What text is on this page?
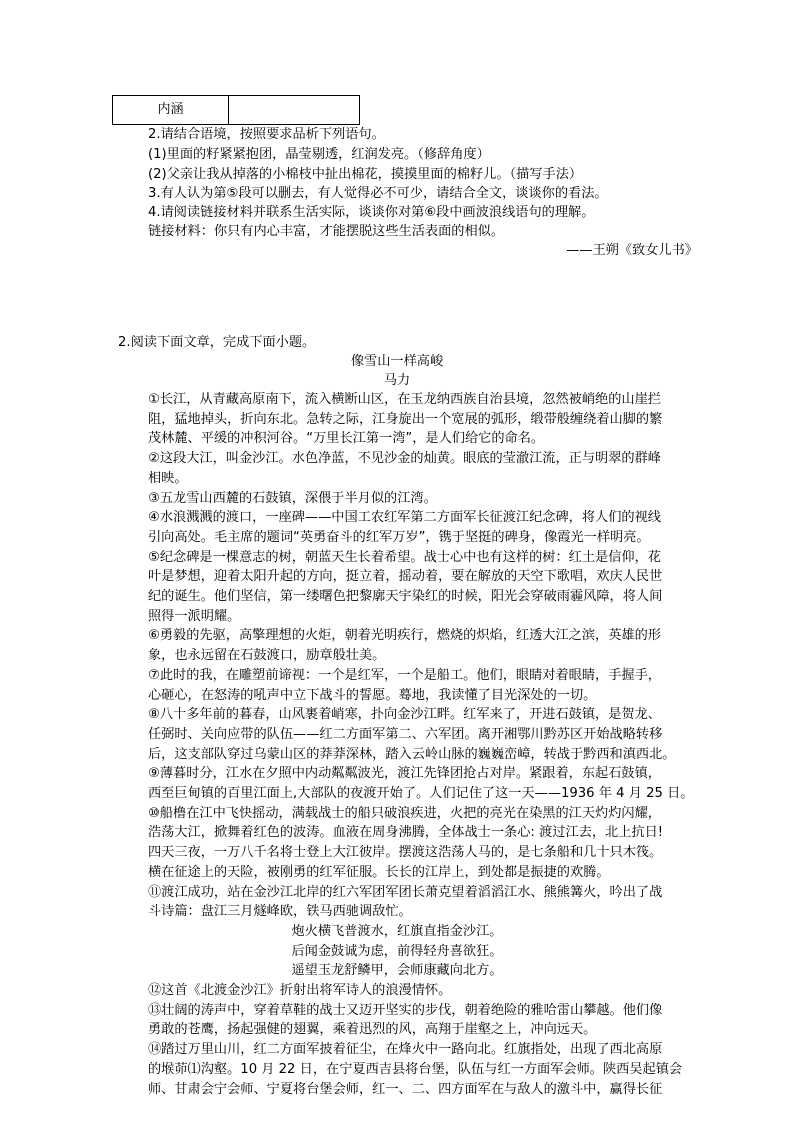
内涵	
2.请结合语境，按照要求品析下列语句。
(1)里面的籽紧紧抱团，晶莹剔透，红润发亮。（修辞角度）
(2)父亲让我从掉落的小棉枝中扯出棉花，摸摸里面的棉籽儿。（描写手法）
3.有人认为第⑤段可以删去，有人觉得必不可少，请结合全文，谈谈你的看法。
4.请阅读链接材料并联系生活实际，谈谈你对第⑥段中画波浪线语句的理解。
链接材料：你只有内心丰富，才能摆脱这些生活表面的相似。
——王朔《致女儿书》
2.阅读下面文章，完成下面小题。
像雪山一样高峻
马力
①长江，从青藏高原南下，流入横断山区，在玉龙纳西族自治县境，忽然被峭绝的山崖拦
阻，猛地掉头，折向东北。急转之际，江身旋出一个宽展的弧形，缎带般缠绕着山脚的繁
茂林麓、平缓的冲积河谷。“万里长江第一湾”，是人们给它的命名。
②这段大江，叫金沙江。水色净蓝，不见沙金的灿黄。眼底的莹澈江流，正与明翠的群峰
相映。
③五龙雪山西麓的石鼓镇，深偎于半月似的江湾。
④水浪溅溅的渡口，一座碑——中国工农红军第二方面军长征渡江纪念碑，将人们的视线
引向高处。毛主席的题词“英勇奋斗的红军万岁”，镌于坚挺的碑身，像霞光一样明亮。
⑤纪念碑是一棵意志的树，朝蓝天生长着希望。战士心中也有这样的树：红土是信仰，花
叶是梦想，迎着太阳升起的方向，挺立着，摇动着，要在解放的天空下歌唱，欢庆人民世
纪的诞生。他们坚信，第一缕曙色把黎廓天宇染红的时候，阳光会穿破雨霾风障，将人间
照得一派明耀。
⑥勇毅的先驱，高擎理想的火炬，朝着光明疾行，燃烧的炽焰，红透大江之滨，英雄的形
象，也永远留在石鼓渡口，励章般壮美。
⑦此时的我，在雕塑前谛视：一个是红军，一个是船工。他们，眼睛对着眼睛，手握手，
心砸心，在怒涛的吼声中立下战斗的誓愿。蓦地，我读懂了目光深处的一切。
⑧八十多年前的暮春，山风裹着峭寒，扑向金沙江畔。红军来了，开进石鼓镇，是贺龙、
任弼时、关向应带的队伍——红二方面军第二、六军团。离开湘鄂川黔苏区开始战略转移
后，这支部队穿过乌蒙山区的莽莽深林，踏入云岭山脉的巍巍峦嶂，转战于黔西和滇西北。
⑨薄暮时分，江水在夕照中内动粼粼波光，渡江先锋团抢占对岸。紧跟着，东起石鼓镇，
西至巨甸镇的百里江面上,大部队的夜渡开始了。人们记住了这一天——1936 年 4 月 25 日。
⑩船橹在江中飞快摇动，满载战士的船只破浪疾进，火把的亮光在染黑的江天灼灼闪耀，
浩荡大江，掀舞着红色的波涛。血液在周身沸腾，全体战士一条心: 渡过江去，北上抗日!
四天三夜，一万八千名将士登上大江彼岸。摆渡这浩荡人马的，是七条船和几十只木筏。
横在征途上的天险，被刚勇的红军征服。长长的江岸上，到处都是振捷的欢腾。
⑪渡江成功，站在金沙江北岸的红六军团军团长萧克望着滔滔江水、熊熊篝火，吟出了战
斗诗篇：盘江三月燧峰欧，铁马西驰调敌忙。
炮火横飞普渡水，红旗直指金沙江。
后闻金鼓诚为虑，前得轻舟喜欲狂。
遥望玉龙舒鳞甲，会师康藏向北方。
⑫这首《北渡金沙江》折射出将军诗人的浪漫情怀。
⑬壮阔的涛声中，穿着草鞋的战士又迈开坚实的步伐，朝着绝险的雅哈雷山攀越。他们像
勇敢的苍鹰，扬起强健的翅翼，乘着迅烈的风，高翔于崖壑之上，冲向远天。
⑭踏过万里山川，红二方面军披着征尘，在烽火中一路向北。红旗指处，出现了西北高原
的堠茆⑴沟壑。10 月 22 日，在宁夏西吉县将台堡，队伍与红一方面军会师。陕西吴起镇会
师、甘肃会宁会师、宁夏将台堡会师，红一、二、四方面军在与敌人的激斗中，赢得长征
